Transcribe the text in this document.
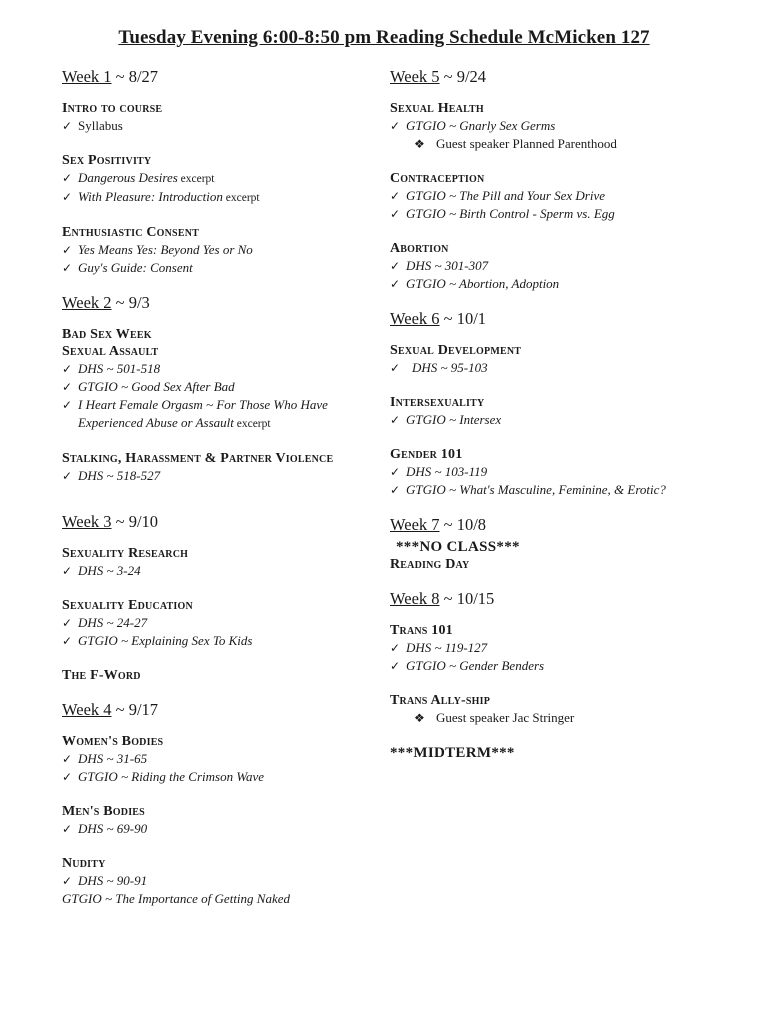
Tuesday Evening 6:00-8:50 pm Reading Schedule McMicken 127
Week 1 ~ 8/27
Intro to course
✓ Syllabus
Sex Positivity
✓ Dangerous Desires excerpt
✓ With Pleasure: Introduction excerpt
Enthusiastic Consent
✓ Yes Means Yes: Beyond Yes or No
✓ Guy's Guide: Consent
Week 2 ~ 9/3
Bad Sex Week
Sexual Assault
✓ DHS ~ 501-518
✓ GTGIO ~ Good Sex After Bad
✓ I Heart Female Orgasm ~ For Those Who Have
Experienced Abuse or Assault excerpt
Stalking, Harassment & Partner Violence
✓ DHS ~ 518-527
Week 3 ~ 9/10
Sexuality Research
✓ DHS ~ 3-24
Sexuality Education
✓ DHS ~ 24-27
✓ GTGIO ~ Explaining Sex To Kids
The F-Word
Week 4 ~ 9/17
Women's Bodies
✓ DHS ~ 31-65
✓ GTGIO ~ Riding the Crimson Wave
Men's Bodies
✓ DHS ~ 69-90
Nudity
✓ DHS ~ 90-91
GTGIO ~ The Importance of Getting Naked
Week 5 ~ 9/24
Sexual Health
✓ GTGIO ~ Gnarly Sex Germs
❖ Guest speaker Planned Parenthood
Contraception
✓ GTGIO ~ The Pill and Your Sex Drive
✓ GTGIO ~ Birth Control - Sperm vs. Egg
Abortion
✓ DHS ~ 301-307
✓ GTGIO ~ Abortion, Adoption
Week 6 ~ 10/1
Sexual Development
✓ DHS ~ 95-103
Intersexuality
✓ GTGIO ~ Intersex
Gender 101
✓ DHS ~ 103-119
✓ GTGIO ~ What's Masculine, Feminine, & Erotic?
Week 7 ~ 10/8
***NO CLASS***
Reading Day
Week 8 ~ 10/15
Trans 101
✓ DHS ~ 119-127
✓ GTGIO ~ Gender Benders
Trans Ally-ship
❖ Guest speaker Jac Stringer
***MIDTERM***
